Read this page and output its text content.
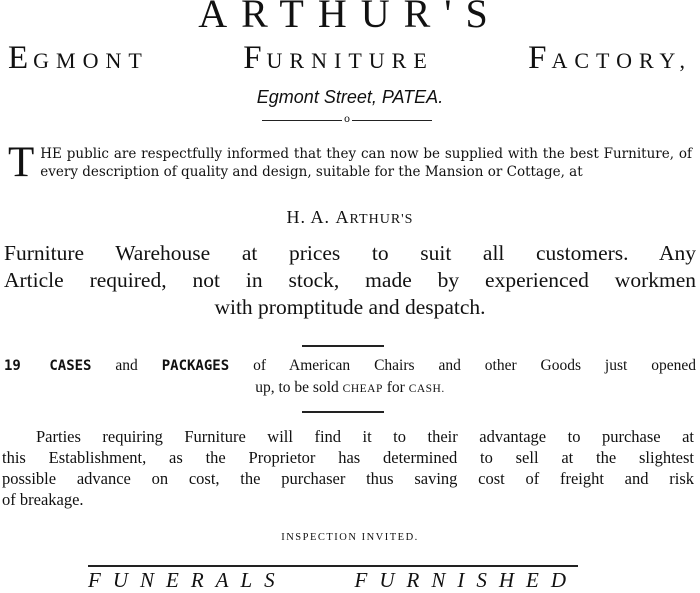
ARTHUR'S
EGMONT	FURNITURE	FACTORY,
Egmont Street, PATEA.
o
T HE public are respectfully informed that they can now be supplied with the best Furniture, of every description of quality and design, suitable for the Mansion or Cottage, at
H. A. ARTHUR'S
Furniture Warehouse at prices to suit all customers. Any
Article required, not in stock, made by experienced workmen
with promptitude and despatch.
19 CASES and PACKAGES of American Chairs and other Goods just opened
up, to be sold CHEAP for CASH.
Parties requiring Furniture will find it to their advantage to purchase at
this Establishment, as the Proprietor has determined to sell at the slightest
possible advance on cost, the purchaser thus saving cost of freight and risk
of breakage.
INSPECTION INVITED.
FUNERALS	FURNISHED
